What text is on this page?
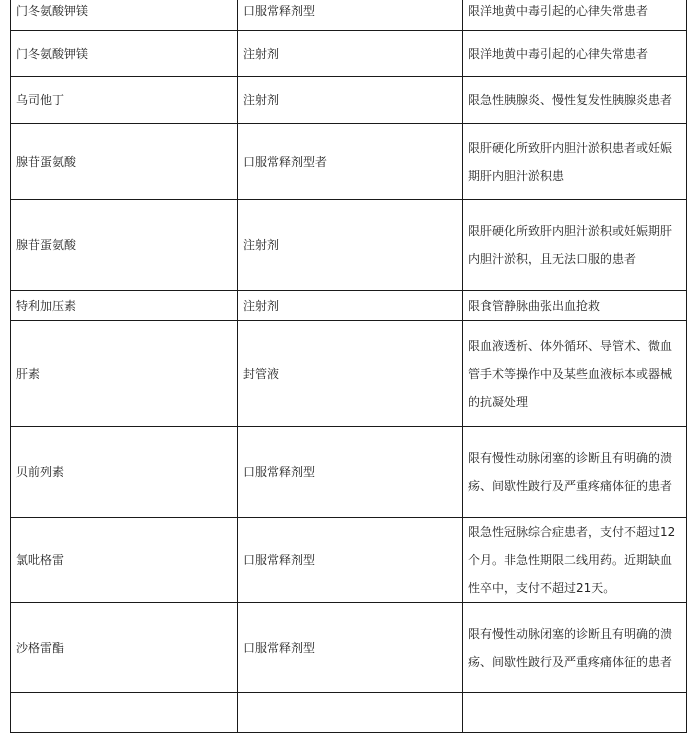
门冬氨酸钾镁	口服常释剂型	限洋地黄中毒引起的心律失常患者
门冬氨酸钾镁	注射剂	限洋地黄中毒引起的心律失常患者
乌司他丁	注射剂	限急性胰腺炎、慢性复发性胰腺炎患者
腺苷蛋氨酸	口服常释剂型者	限肝硬化所致肝内胆汁淤积患者或妊娠期肝内胆汁淤积患
腺苷蛋氨酸	注射剂	限肝硬化所致肝内胆汁淤积或妊娠期肝内胆汁淤积，且无法口服的患者
特利加压素	注射剂	限食管静脉曲张出血抢救
肝素	封管液	限血液透析、体外循环、导管术、微血管手术等操作中及某些血液标本或器械的抗凝处理
贝前列素	口服常释剂型	限有慢性动脉闭塞的诊断且有明确的溃疡、间歇性跛行及严重疼痛体征的患者
氯吡格雷	口服常释剂型	限急性冠脉综合症患者，支付不超过12个月。非急性期限二线用药。近期缺血性卒中，支付不超过21天。
沙格雷酯	口服常释剂型	限有慢性动脉闭塞的诊断且有明确的溃疡、间歇性跛行及严重疼痛体征的患者
